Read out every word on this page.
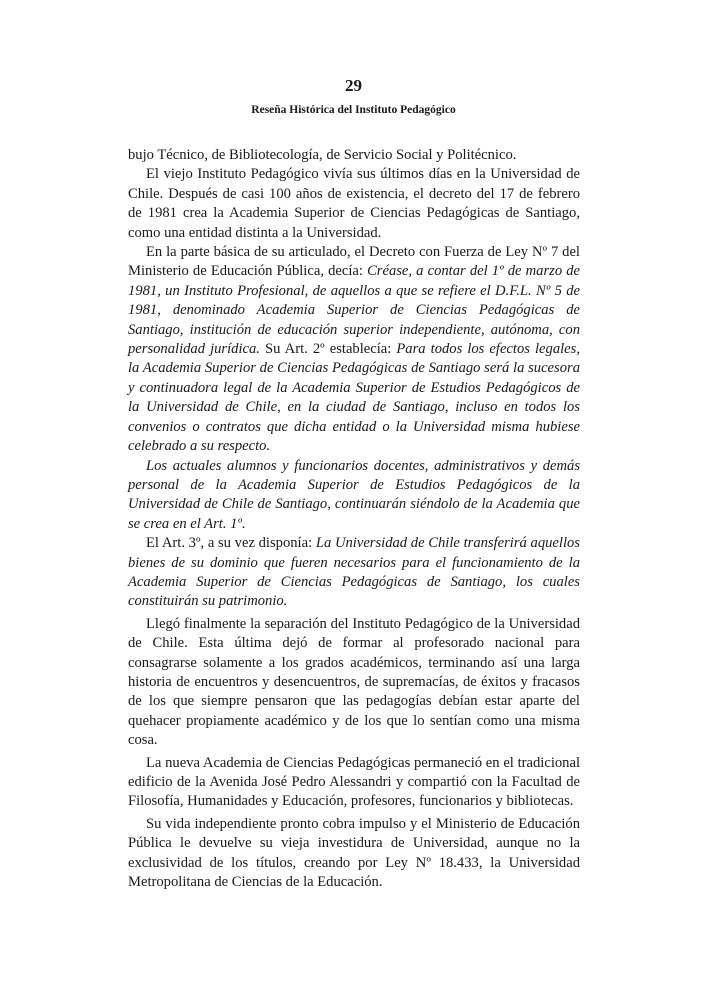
29
Reseña Histórica del Instituto Pedagógico

bujo Técnico, de Bibliotecología, de Servicio Social y Politécnico.

El viejo Instituto Pedagógico vivía sus últimos días en la Universidad de Chile. Después de casi 100 años de existencia, el decreto del 17 de febrero de 1981 crea la Academia Superior de Ciencias Pedagógicas de Santiago, como una entidad distinta a la Universidad.

En la parte básica de su articulado, el Decreto con Fuerza de Ley Nº 7 del Ministerio de Educación Pública, decía: Créase, a contar del 1º de marzo de 1981, un Instituto Profesional, de aquellos a que se refiere el D.F.L. Nº 5 de 1981, denominado Academia Superior de Ciencias Pedagógicas de Santiago, institución de educación superior independiente, autónoma, con personalidad jurídica. Su Art. 2º establecía: Para todos los efectos legales, la Academia Superior de Ciencias Pedagógicas de Santiago será la sucesora y continuadora legal de la Academia Superior de Estudios Pedagógicos de la Universidad de Chile, en la ciudad de Santiago, incluso en todos los convenios o contratos que dicha entidad o la Universidad misma hubiese celebrado a su respecto.

Los actuales alumnos y funcionarios docentes, administrativos y demás personal de la Academia Superior de Estudios Pedagógicos de la Universidad de Chile de Santiago, continuarán siéndolo de la Academia que se crea en el Art. 1º.

El Art. 3º, a su vez disponía: La Universidad de Chile transferirá aquellos bienes de su dominio que fueren necesarios para el funcionamiento de la Academia Superior de Ciencias Pedagógicas de Santiago, los cuales constituirán su patrimonio.

Llegó finalmente la separación del Instituto Pedagógico de la Universidad de Chile. Esta última dejó de formar al profesorado nacional para consagrarse solamente a los grados académicos, terminando así una larga historia de encuentros y desencuentros, de supremacías, de éxitos y fracasos de los que siempre pensaron que las pedagogías debían estar aparte del quehacer propiamente académico y de los que lo sentían como una misma cosa.

La nueva Academia de Ciencias Pedagógicas permaneció en el tradicional edificio de la Avenida José Pedro Alessandri y compartió con la Facultad de Filosofía, Humanidades y Educación, profesores, funcionarios y bibliotecas.

Su vida independiente pronto cobra impulso y el Ministerio de Educación Pública le devuelve su vieja investidura de Universidad, aunque no la exclusividad de los títulos, creando por Ley Nº 18.433, la Universidad Metropolitana de Ciencias de la Educación.
